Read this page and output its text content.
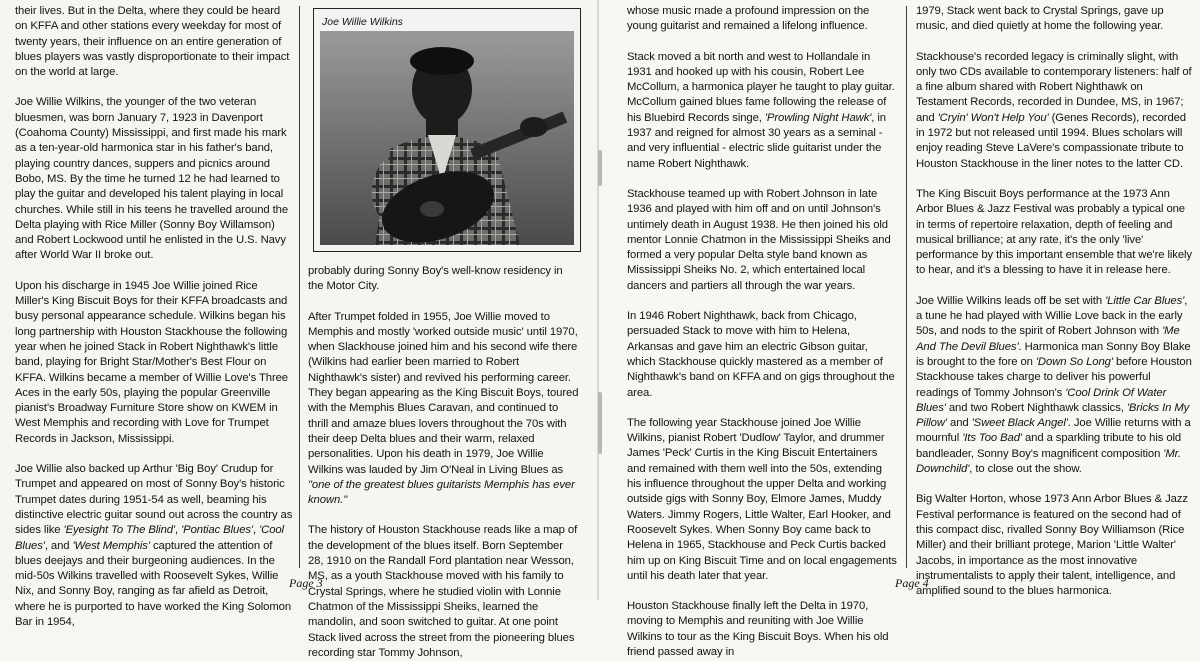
their lives. But in the Delta, where they could be heard on KFFA and other stations every weekday for most of twenty years, their influence on an entire generation of blues players was vastly disproportionate to their impact on the world at large.

Joe Willie Wilkins, the younger of the two veteran bluesmen, was born January 7, 1923 in Davenport (Coahoma County) Mississippi, and first made his mark as a ten-year-old harmonica star in his father's band, playing country dances, suppers and picnics around Bobo, MS. By the time he turned 12 he had learned to play the guitar and developed his talent playing in local churches. While still in his teens he travelled around the Delta playing with Rice Miller (Sonny Boy Willamson) and Robert Lockwood until he enlisted in the U.S. Navy after World War II broke out.

Upon his discharge in 1945 Joe Willie joined Rice Miller's King Biscuit Boys for their KFFA broadcasts and busy personal appearance schedule. Wilkins began his long partnership with Houston Stackhouse the following year when he joined Stack in Robert Nighthawk's little band, playing for Bright Star/Mother's Best Flour on KFFA. Wilkins became a member of Willie Love's Three Aces in the early 50s, playing the popular Greenville pianist's Broadway Furniture Store show on KWEM in West Memphis and recording with Love for Trumpet Records in Jackson, Mississippi.

Joe Willie also backed up Arthur 'Big Boy' Crudup for Trumpet and appeared on most of Sonny Boy's historic Trumpet dates during 1951-54 as well, beaming his distinctive electric guitar sound out across the country as sides like 'Eyesight To The Blind', 'Pontiac Blues', 'Cool Blues', and 'West Memphis' captured the attention of blues deejays and their burgeoning audiences. In the mid-50s Wilkins travelled with Roosevelt Sykes, Willie Nix, and Sonny Boy, ranging as far afield as Detroit, where he is purported to have worked the King Solomon Bar in 1954,

Joe Willie Wilkins

probably during Sonny Boy's well-know residency in the Motor City.

After Trumpet folded in 1955, Joe Willie moved to Memphis and mostly 'worked outside music' until 1970, when Slackhouse joined him and his second wife there (Wilkins had earlier been married to Robert Nighthawk's sister) and revived his performing career. They began appearing as the King Biscuit Boys, toured with the Memphis Blues Caravan, and continued to thrill and amaze blues lovers throughout the 70s with their deep Delta blues and their warm, relaxed personalities. Upon his death in 1979, Joe Willie Wilkins was lauded by Jim O'Neal in Living Blues as "one of the greatest blues guitarists Memphis has ever known."

The history of Houston Stackhouse reads like a map of the development of the blues itself. Born September 28, 1910 on the Randall Ford plantation near Wesson, MS, as a youth Stackhouse moved with his family to Crystal Springs, where he studied violin with Lonnie Chatmon of the Mississippi Sheiks, learned the mandolin, and soon switched to guitar. At one point Stack lived across the street from the pioneering blues recording star Tommy Johnson,

whose music rnade a profound impression on the young guitarist and remained a lifelong influence.

Stack moved a bit north and west to Hollandale in 1931 and hooked up with his cousin, Robert Lee McCollum, a harmonica player he taught to play guitar. McCollum gained blues fame following the release of his Bluebird Records singe, 'Prowling Night Hawk', in 1937 and reigned for almost 30 years as a seminal - and very influential - electric slide guitarist under the name Robert Nighthawk.

Stackhouse teamed up with Robert Johnson in late 1936 and played with him off and on until Johnson's untimely death in August 1938. He then joined his old mentor Lonnie Chatmon in the Mississippi Sheiks and formed a very popular Delta style band known as Mississippi Sheiks No. 2, which entertained local dancers and partiers all through the war years.

In 1946 Robert Nighthawk, back from Chicago, persuaded Stack to move with him to Helena, Arkansas and gave him an electric Gibson guitar, which Stackhouse quickly mastered as a member of Nighthawk's band on KFFA and on gigs throughout the area.

The following year Stackhouse joined Joe Willie Wilkins, pianist Robert 'Dudlow' Taylor, and drummer James 'Peck' Curtis in the King Biscuit Entertainers and remained with them well into the 50s, extending his influence throughout the upper Delta and working outside gigs with Sonny Boy, Elmore James, Muddy Waters. Jimmy Rogers, Little Walter, Earl Hooker, and Roosevelt Sykes. When Sonny Boy came back to Helena in 1965, Stackhouse and Peck Curtis backed him up on King Biscuit Time and on local engagements until his death later that year.

Houston Stackhouse finally left the Delta in 1970, moving to Memphis and reuniting with Joe Willie Wilkins to tour as the King Biscuit Boys. When his old friend passed away in

1979, Stack went back to Crystal Springs, gave up music, and died quietly at home the following year.

Stackhouse's recorded legacy is criminally slight, with only two CDs available to contemporary listeners: half of a fine album shared with Robert Nighthawk on Testament Records, recorded in Dundee, MS, in 1967; and 'Cryin' Won't Help You' (Genes Records), recorded in 1972 but not released until 1994. Blues scholars will enjoy reading Steve LaVere's compassionate tribute to Houston Stackhouse in the liner notes to the latter CD.

The King Biscuit Boys performance at the 1973 Ann Arbor Blues & Jazz Festival was probably a typical one in terms of repertoire relaxation, depth of feeling and musical brilliance; at any rate, it's the only 'live' performance by this important ensemble that we're likely to hear, and it's a blessing to have it in release here.

Joe Willie Wilkins leads off be set with 'Little Car Blues', a tune he had played with Willie Love back in the early 50s, and nods to the spirit of Robert Johnson with 'Me And The Devil Blues'. Harmonica man Sonny Boy Blake is brought to the fore on 'Down So Long' before Houston Stackhouse takes charge to deliver his powerful readings of Tommy Johnson's 'Cool Drink Of Water Blues' and two Robert Nighthawk classics, 'Bricks In My Pillow' and 'Sweet Black Angel'. Joe Willie returns with a mournful 'Its Too Bad' and a sparkling tribute to his old bandleader, Sonny Boy's magnificent composition 'Mr. Downchild', to close out the show.

Big Walter Horton, whose 1973 Ann Arbor Blues & Jazz Festival performance is featured on the second had of this compact disc, rivalled Sonny Boy Williamson (Rice Miller) and their brilliant protege, Marion 'Little Walter' Jacobs, in importance as the most innovative instrumentalists to apply their talent, intelligence, and amplified sound to the blues harmonica.

Page 3	Page 4
